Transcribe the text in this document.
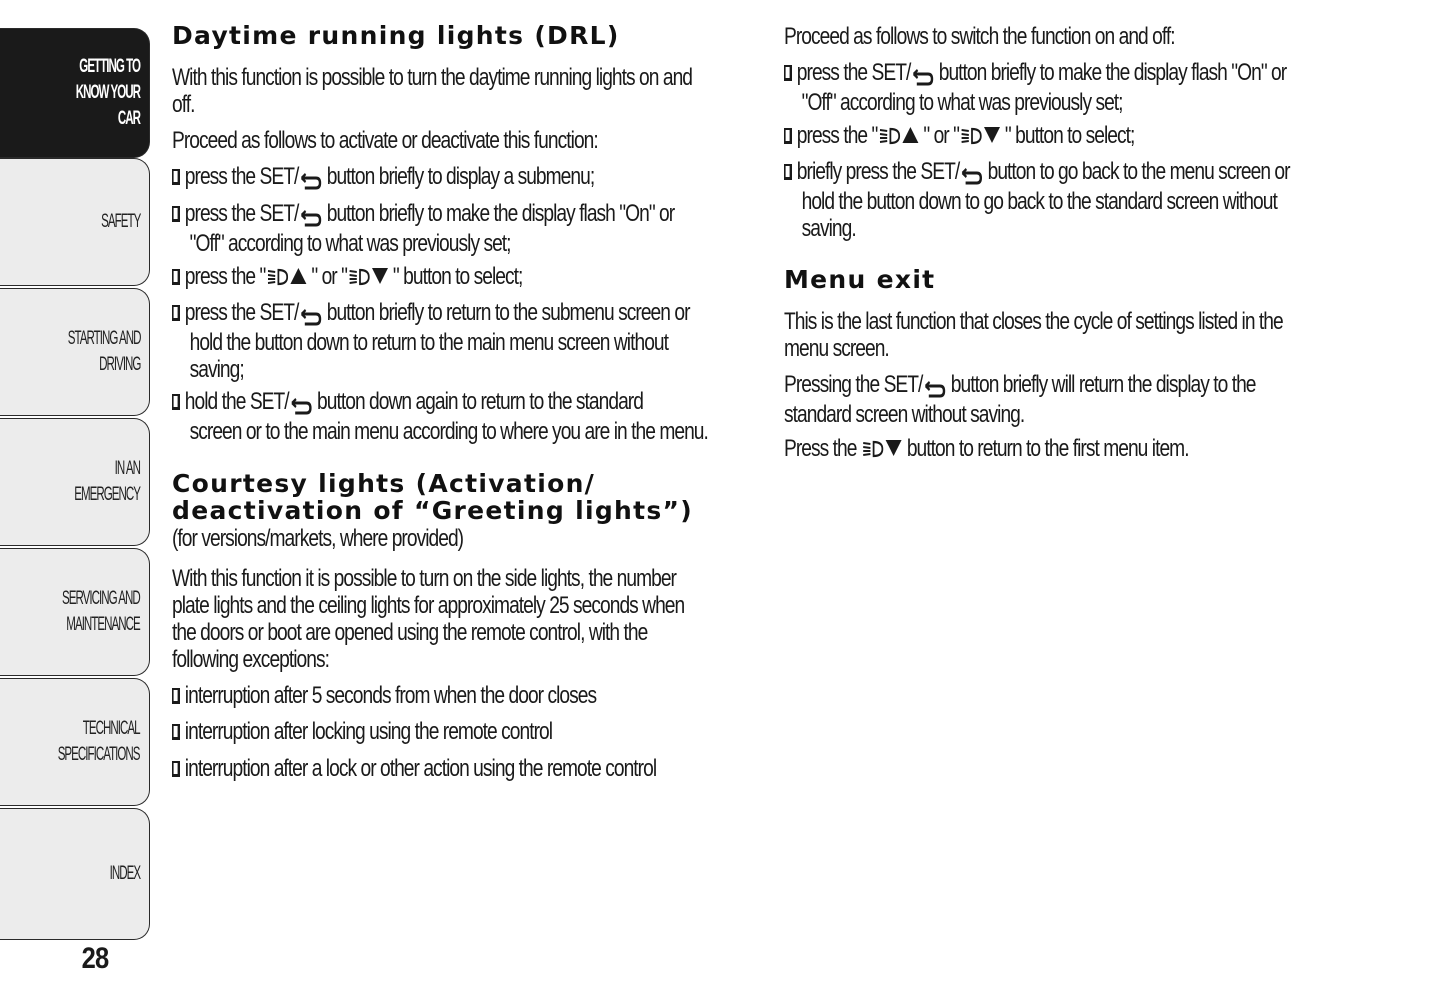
GETTING TO
KNOW YOUR CAR
SAFETY
STARTING AND
DRIVING
IN AN EMERGENCY
SERVICING AND
MAINTENANCE
TECHNICAL
SPECIFICATIONS
INDEX
28
Daytime running lights (DRL)
With this function is possible to turn the daytime running lights on and
off.
Proceed as follows to activate or deactivate this function:
press the SET/ button briefly to display a submenu;
press the SET/ button briefly to make the display flash "On" or
"Off" according to what was previously set;
press the " " or " " button to select;
press the SET/ button briefly to return to the submenu screen or
hold the button down to return to the main menu screen without
saving;
hold the SET/ button down again to return to the standard
screen or to the main menu according to where you are in the menu.
Courtesy lights (Activation/
deactivation of “Greeting lights”)
(for versions/markets, where provided)
With this function it is possible to turn on the side lights, the number
plate lights and the ceiling lights for approximately 25 seconds when
the doors or boot are opened using the remote control, with the
following exceptions:
interruption after 5 seconds from when the door closes
interruption after locking using the remote control
interruption after a lock or other action using the remote control
Proceed as follows to switch the function on and off:
press the SET/ button briefly to make the display flash "On" or
"Off" according to what was previously set;
press the " " or " " button to select;
briefly press the SET/ button to go back to the menu screen or
hold the button down to go back to the standard screen without
saving.
Menu exit
This is the last function that closes the cycle of settings listed in the
menu screen.
Pressing the SET/ button briefly will return the display to the
standard screen without saving.
Press the  button to return to the first menu item.
